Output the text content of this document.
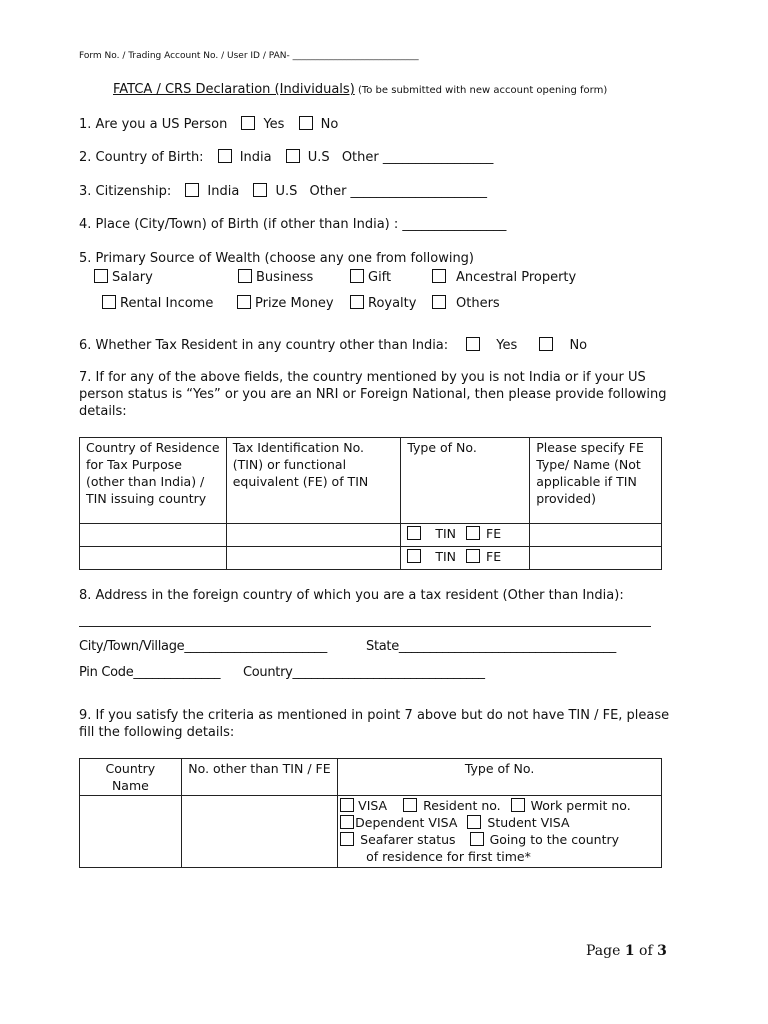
Form No. / Trading Account No. / User ID / PAN- ____________________________
FATCA / CRS Declaration (Individuals) (To be submitted with new account opening form)
1. Are you a US Person	Yes	No
2. Country of Birth:	India	U.S Other _________________
3. Citizenship:	India	U.S Other _____________________
4. Place (City/Town) of Birth (if other than India) : ________________
5. Primary Source of Wealth (choose any one from following)
Salary	Business	Gift	Ancestral Property
Rental Income	Prize Money	Royalty	Others
6. Whether Tax Resident in any country other than India:	Yes	No
7. If for any of the above fields, the country mentioned by you is not India or if your US
person status is “Yes” or you are an NRI or Foreign National, then please provide following
details:
Country of Residence for Tax Purpose (other than India) / TIN issuing country	Tax Identification No. (TIN) or functional equivalent (FE) of TIN	Type of No.	Please specify FE Type/ Name (Not applicable if TIN provided)
		TIN FE	
		TIN FE	
8. Address in the foreign country of which you are a tax resident (Other than India):
City/Town/Village_______________________	State___________________________________
Pin Code______________ Country_______________________________
9. If you satisfy the criteria as mentioned in point 7 above but do not have TIN / FE, please
fill the following details:
Country Name	No. other than TIN / FE	Type of No.

		VISA Resident no. Work permit no.
Dependent VISA Student VISA
Seafarer status Going to the country
of residence for first time*
Page 1 of 3
